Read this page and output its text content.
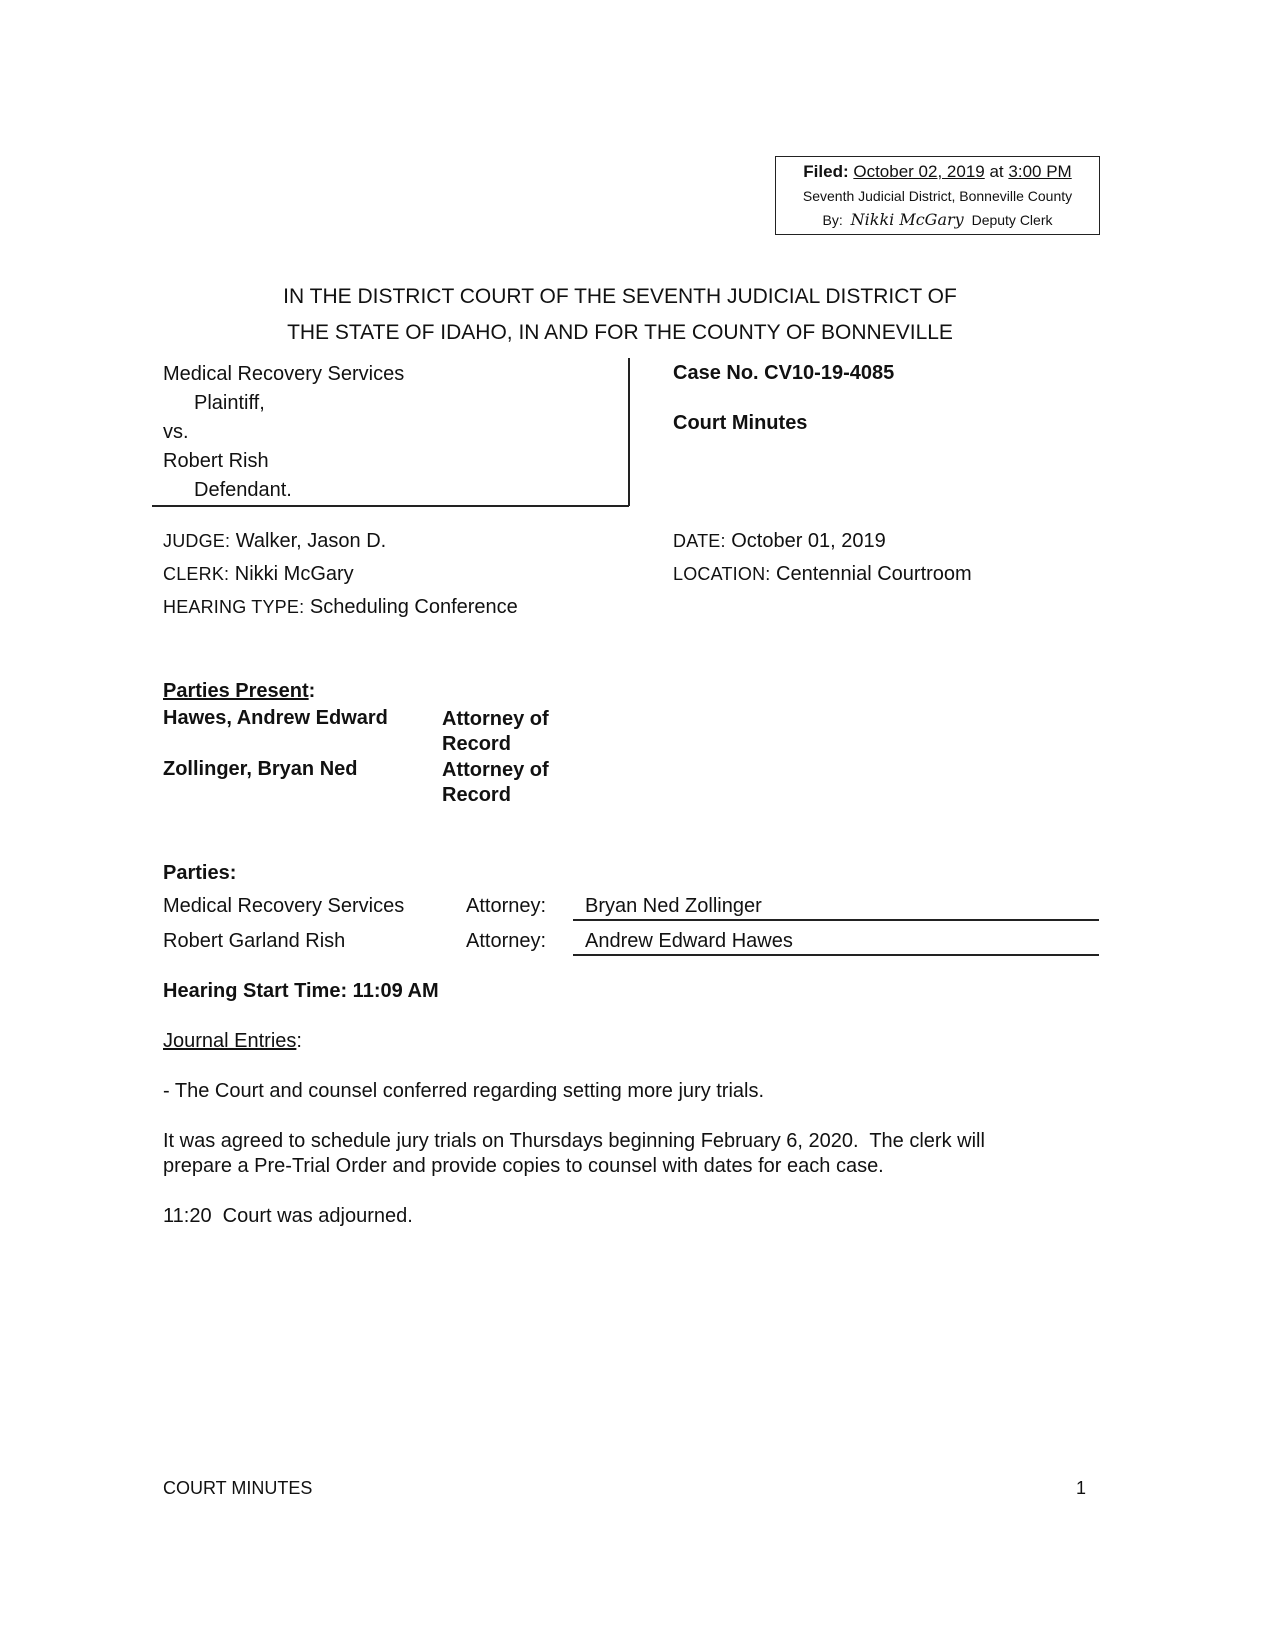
Filed: October 02, 2019 at 3:00 PM
Seventh Judicial District, Bonneville County
By: Nikki McGary Deputy Clerk
IN THE DISTRICT COURT OF THE SEVENTH JUDICIAL DISTRICT OF
THE STATE OF IDAHO, IN AND FOR THE COUNTY OF BONNEVILLE
Medical Recovery Services
Plaintiff,
vs.
Robert Rish
Defendant.
Case No. CV10-19-4085
Court Minutes
JUDGE: Walker, Jason D.
CLERK: Nikki McGary
HEARING TYPE: Scheduling Conference
DATE: October 01, 2019
LOCATION: Centennial Courtroom
Parties Present:
Hawes, Andrew Edward	Attorney of
Record
Zollinger, Bryan Ned	Attorney of
Record
Parties:
Medical Recovery Services	Attorney: Bryan Ned Zollinger
Robert Garland Rish	Attorney: Andrew Edward Hawes
Hearing Start Time: 11:09 AM
Journal Entries:
- The Court and counsel conferred regarding setting more jury trials.
It was agreed to schedule jury trials on Thursdays beginning February 6, 2020.  The clerk will
prepare a Pre-Trial Order and provide copies to counsel with dates for each case.
11:20  Court was adjourned.
COURT MINUTES	1
